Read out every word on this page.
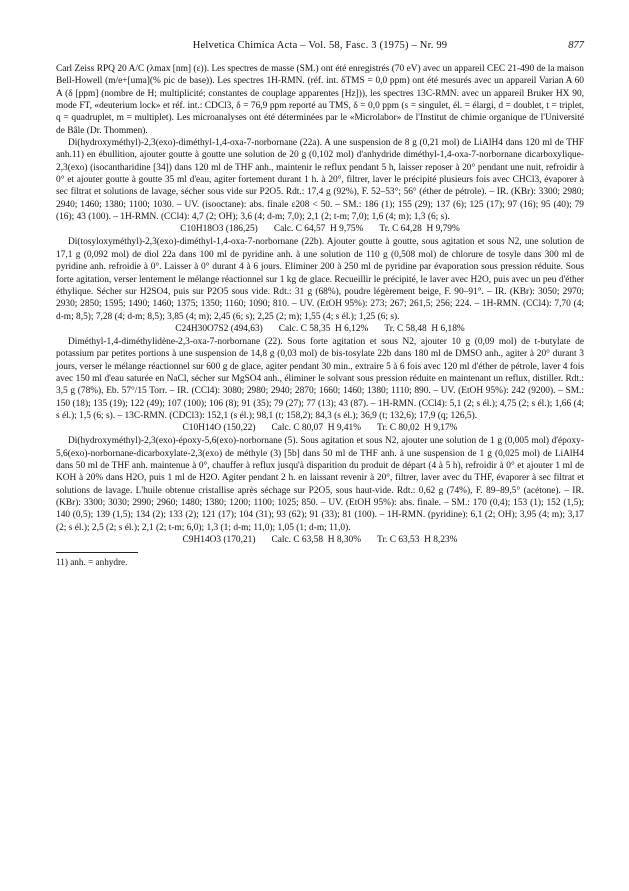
Helvetica Chimica Acta – Vol. 58, Fasc. 3 (1975) – Nr. 99	877

Carl Zeiss RPQ 20 A/C (λmax [nm] (ε)). Les spectres de masse (SM.) ont été enregistrés (70 eV) avec un appareil CEC 21-490 de la maison Bell-Howell (m/e+[uma](% pic de base)). Les spectres 1H-RMN. (réf. int. δTMS = 0,0 ppm) ont été mesurés avec un appareil Varian A 60 A (δ [ppm] (nombre de H; multiplicité; constantes de couplage apparentes [Hz])), les spectres 13C-RMN. avec un appareil Bruker HX 90, mode FT, «deuterium lock» et réf. int.: CDCl3, δ = 76,9 ppm reporté au TMS, δ = 0,0 ppm (s = singulet, él. = élargi, d = doublet, t = triplet, q = quadruplet, m = multiplet). Les microanalyses ont été déterminées par le «Microlabor» de l'Institut de chimie organique de l'Université de Bâle (Dr. Thommen).

Di(hydroxyméthyl)-2,3(exo)-diméthyl-1,4-oxa-7-norbornane (22a). A une suspension de 8 g (0,21 mol) de LiAlH4 dans 120 ml de THF anh.11) en ébullition, ajouter goutte à goutte une solution de 20 g (0,102 mol) d'anhydride diméthyl-1,4-oxa-7-norbornane dicarboxylique-2,3(exo) (isocantharidine [34]) dans 120 ml de THF anh., maintenir le reflux pendant 5 h, laisser reposer à 20° pendant une nuit, refroidir à 0° et ajouter goutte à goutte 35 ml d'eau, agiter fortement durant 1 h. à 20°, filtrer, laver le précipité plusieurs fois avec CHCl3, évaporer à sec filtrat et solutions de lavage, sécher sous vide sur P2O5. Rdt.: 17,4 g (92%), F. 52–53°; 56° (éther de pétrole). – IR. (KBr): 3300; 2980; 2940; 1460; 1380; 1100; 1030. – UV. (isooctane): abs. finale ε208 < 50. – SM.: 186 (1); 155 (29); 137 (6); 125 (17); 97 (16); 95 (40); 79 (16); 43 (100). – 1H-RMN. (CCl4): 4,7 (2; OH); 3,6 (4; d-m; 7,0); 2,1 (2; t-m; 7,0); 1,6 (4; m); 1,3 (6; s).

C10H18O3 (186,25) Calc. C 64,57  H 9,75% Tr. C 64,28  H 9,79%

Di(tosyloxyméthyl)-2,3(exo)-diméthyl-1,4-oxa-7-norbornane (22b). Ajouter goutte à goutte, sous agitation et sous N2, une solution de 17,1 g (0,092 mol) de diol 22a dans 100 ml de pyridine anh. à une solution de 110 g (0,508 mol) de chlorure de tosyle dans 300 ml de pyridine anh. refroidie à 0°. Laisser à 0° durant 4 à 6 jours. Eliminer 200 à 250 ml de pyridine par évaporation sous pression réduite. Sous forte agitation, verser lentement le mélange réactionnel sur 1 kg de glace. Recueillir le précipité, le laver avec H2O, puis avec un peu d'éther éthylique. Sécher sur H2SO4, puis sur P2O5 sous vide. Rdt.: 31 g (68%), poudre légèrement beige, F. 90–91°. – IR. (KBr): 3050; 2970; 2930; 2850; 1595; 1490; 1460; 1375; 1350; 1160; 1090; 810. – UV. (EtOH 95%): 273; 267; 261,5; 256; 224. – 1H-RMN. (CCl4): 7,70 (4; d-m; 8,5); 7,28 (4; d-m; 8,5); 3,85 (4; m); 2,45 (6; s); 2,25 (2; m); 1,55 (4; s él.); 1,25 (6; s).

C24H30O7S2 (494,63) Calc. C 58,35  H 6,12% Tr. C 58,48  H 6,18%

Diméthyl-1,4-diméthylidène-2,3-oxa-7-norbornane (22). Sous forte agitation et sous N2, ajouter 10 g (0,09 mol) de t-butylate de potassium par petites portions à une suspension de 14,8 g (0,03 mol) de bis-tosylate 22b dans 180 ml de DMSO anh., agiter à 20° durant 3 jours, verser le mélange réactionnel sur 600 g de glace, agiter pendant 30 min., extraire 5 à 6 fois avec 120 ml d'éther de pétrole, laver 4 fois avec 150 ml d'eau saturée en NaCl, sécher sur MgSO4 anh., éliminer le solvant sous pression réduite en maintenant un reflux, distiller. Rdt.: 3,5 g (78%), Eb. 57°/15 Torr. – IR. (CCl4): 3080; 2980; 2940; 2870; 1660; 1460; 1380; 1110; 890. – UV. (EtOH 95%): 242 (9200). – SM.: 150 (18); 135 (19); 122 (49); 107 (100); 106 (8); 91 (35); 79 (27); 77 (13); 43 (87). – 1H-RMN. (CCl4): 5,1 (2; s él.); 4,75 (2; s él.); 1,66 (4; s él.); 1,5 (6; s). – 13C-RMN. (CDCl3): 152,1 (s él.); 98,1 (t; 158,2); 84,3 (s él.); 36,9 (t; 132,6); 17,9 (q; 126,5).

C10H14O (150,22) Calc. C 80,07  H 9,41% Tr. C 80,02  H 9,17%

Di(hydroxyméthyl)-2,3(exo)-époxy-5,6(exo)-norbornane (5). Sous agitation et sous N2, ajouter une solution de 1 g (0,005 mol) d'époxy-5,6(exo)-norbornane-dicarboxylate-2,3(exo) de méthyle (3) [5b] dans 50 ml de THF anh. à une suspension de 1 g (0,025 mol) de LiAlH4 dans 50 ml de THF anh. maintenue à 0°, chauffer à reflux jusqu'à disparition du produit de départ (4 à 5 h), refroidir à 0° et ajouter 1 ml de KOH à 20% dans H2O, puis 1 ml de H2O. Agiter pendant 2 h. en laissant revenir à 20°, filtrer, laver avec du THF, évaporer à sec filtrat et solutions de lavage. L'huile obtenue cristallise après séchage sur P2O5, sous haut-vide. Rdt.: 0,62 g (74%), F. 89–89,5° (acétone). – IR. (KBr): 3300; 3030; 2990; 2960; 1480; 1380; 1200; 1100; 1025; 850. – UV. (EtOH 95%): abs. finale. – SM.: 170 (0,4); 153 (1); 152 (1,5); 140 (0,5); 139 (1,5); 134 (2); 133 (2); 121 (17); 104 (31); 93 (62); 91 (33); 81 (100). – 1H-RMN. (pyridine): 6,1 (2; OH); 3,95 (4; m); 3,17 (2; s él.); 2,5 (2; s él.); 2,1 (2; t-m; 6,0); 1,3 (1; d-m; 11,0); 1,05 (1; d-m; 11,0).

C9H14O3 (170,21) Calc. C 63,58  H 8,30% Tr. C 63,53  H 8,23%

11) anh. = anhydre.
